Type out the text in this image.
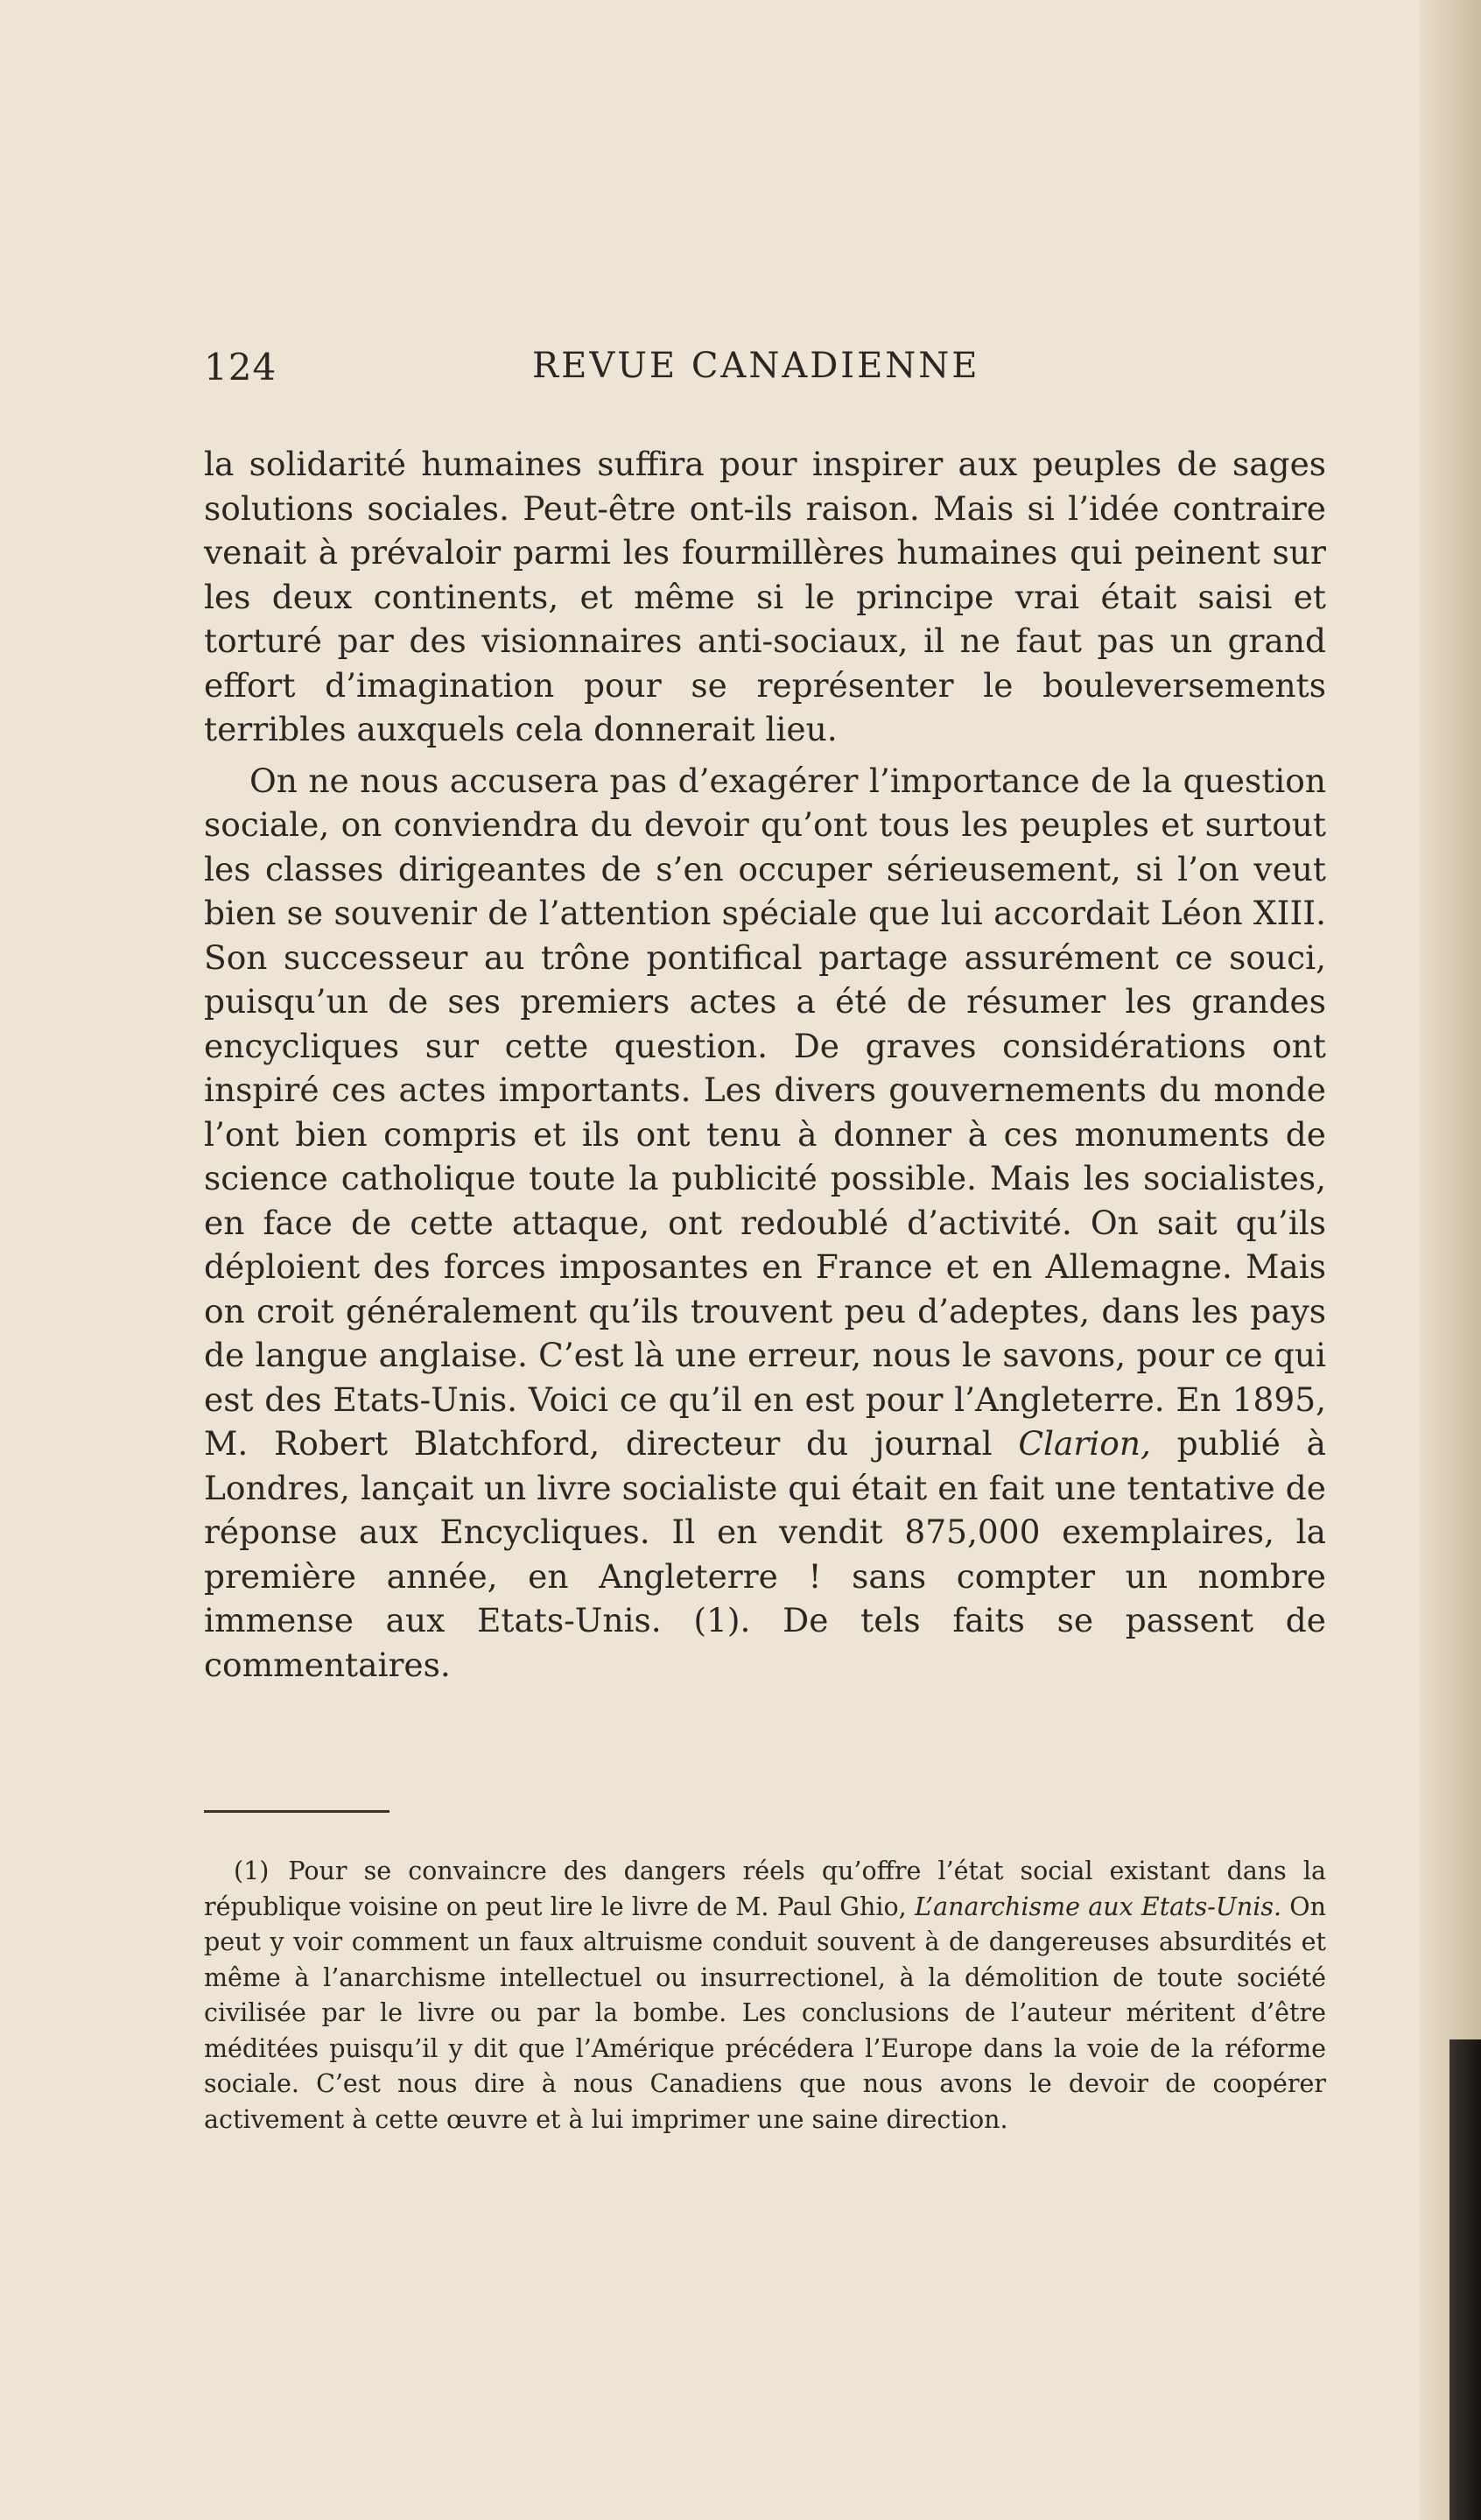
124	REVUE CANADIENNE

la solidarité humaines suffira pour inspirer aux peuples de sages solutions sociales. Peut-être ont-ils raison. Mais si l’idée contraire venait à prévaloir parmi les fourmillères humaines qui peinent sur les deux continents, et même si le principe vrai était saisi et torturé par des visionnaires anti-sociaux, il ne faut pas un grand effort d’imagination pour se représenter le bouleversements terribles auxquels cela donnerait lieu.

On ne nous accusera pas d’exagérer l’importance de la question sociale, on conviendra du devoir qu’ont tous les peuples et surtout les classes dirigeantes de s’en occuper sérieusement, si l’on veut bien se souvenir de l’attention spéciale que lui accordait Léon XIII. Son successeur au trône pontifical partage assurément ce souci, puisqu’un de ses premiers actes a été de résumer les grandes encycliques sur cette question. De graves considérations ont inspiré ces actes importants. Les divers gouvernements du monde l’ont bien compris et ils ont tenu à donner à ces monuments de science catholique toute la publicité possible. Mais les socialistes, en face de cette attaque, ont redoublé d’activité. On sait qu’ils déploient des forces imposantes en France et en Allemagne. Mais on croit généralement qu’ils trouvent peu d’adeptes, dans les pays de langue anglaise. C’est là une erreur, nous le savons, pour ce qui est des Etats-Unis. Voici ce qu’il en est pour l’Angleterre. En 1895, M. Robert Blatchford, directeur du journal Clarion, publié à Londres, lançait un livre socialiste qui était en fait une tentative de réponse aux Encycliques. Il en vendit 875,000 exemplaires, la première année, en Angleterre ! sans compter un nombre immense aux Etats-Unis. (1). De tels faits se passent de commentaires.

(1) Pour se convaincre des dangers réels qu’offre l’état social existant dans la république voisine on peut lire le livre de M. Paul Ghio, L’anarchisme aux Etats-Unis. On peut y voir comment un faux altruisme conduit souvent à de dangereuses absurdités et même à l’anarchisme intellectuel ou insurrectionel, à la démolition de toute société civilisée par le livre ou par la bombe. Les conclusions de l’auteur méritent d’être méditées puisqu’il y dit que l’Amérique précédera l’Europe dans la voie de la réforme sociale. C’est nous dire à nous Canadiens que nous avons le devoir de coopérer activement à cette œuvre et à lui imprimer une saine direction.
